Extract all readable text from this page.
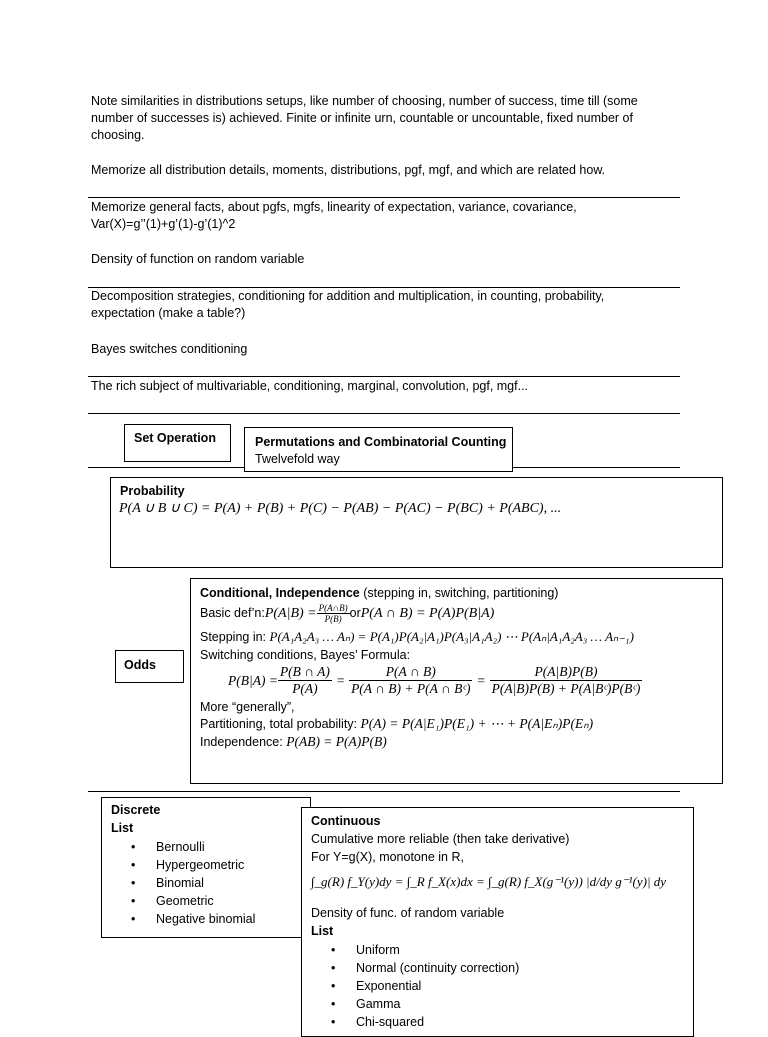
Note similarities in distributions setups, like number of choosing, number of success, time till (some number of successes is) achieved. Finite or infinite urn, countable or uncountable, fixed number of choosing.
Memorize all distribution details, moments, distributions, pgf, mgf, and which are related how.
Memorize general facts, about pgfs, mgfs, linearity of expectation, variance, covariance,
Var(X)=g’’(1)+g’(1)-g’(1)^2
Density of function on random variable
Decomposition strategies, conditioning for addition and multiplication, in counting, probability, expectation (make a table?)
Bayes switches conditioning
The rich subject of multivariable, conditioning, marginal, convolution, pgf, mgf...
Set Operation	Permutations and Combinatorial Counting
Twelvefold way
Probability
P(A ∪ B ∪ C) = P(A) + P(B) + P(C) − P(AB) − P(AC) − P(BC) + P(ABC), ...
Odds
Conditional, Independence (stepping in, switching, partitioning)
Basic def’n: $P(A|B) = \frac{P(A\cap B)}{P(B)}$ or P(A ∩ B) = P(A)P(B|A)
Stepping in: P(A₁A₂A₃ … Aₙ) = P(A₁)P(A₂|A₁)P(A₃|A₁A₂) ⋯ P(Aₙ|A₁A₂A₃ … Aₙ₋₁)
Switching conditions, Bayes’ Formula:
$P(B|A) = \frac{P(B \cap A)}{P(A)} = \frac{P(A \cap B)}{\text{P(A ∩ B) + P(A ∩ Bᶜ)}} = \frac{P(A|B)P(B)}{\text{P(A|B)P(B) + P(A|Bᶜ)P(Bᶜ)}}$
More “generally”,
Partitioning, total probability: P(A) = P(A|E₁)P(E₁) + ⋯ + P(A|Eₙ)P(Eₙ)
Independence: P(AB) = P(A)P(B)
Discrete
List
• Bernoulli
• Hypergeometric
• Binomial
• Geometric
• Negative binomial
Continuous
Cumulative more reliable (then take derivative)
For Y=g(X), monotone in R,
∫_g(R) f_Y(y)dy = ∫_R f_X(x)dx = ∫_g(R) f_X(g⁻¹(y)) |d/dy g⁻¹(y)| dy
Density of func. of random variable
List
• Uniform
• Normal (continuity correction)
• Exponential
• Gamma
• Chi-squared
